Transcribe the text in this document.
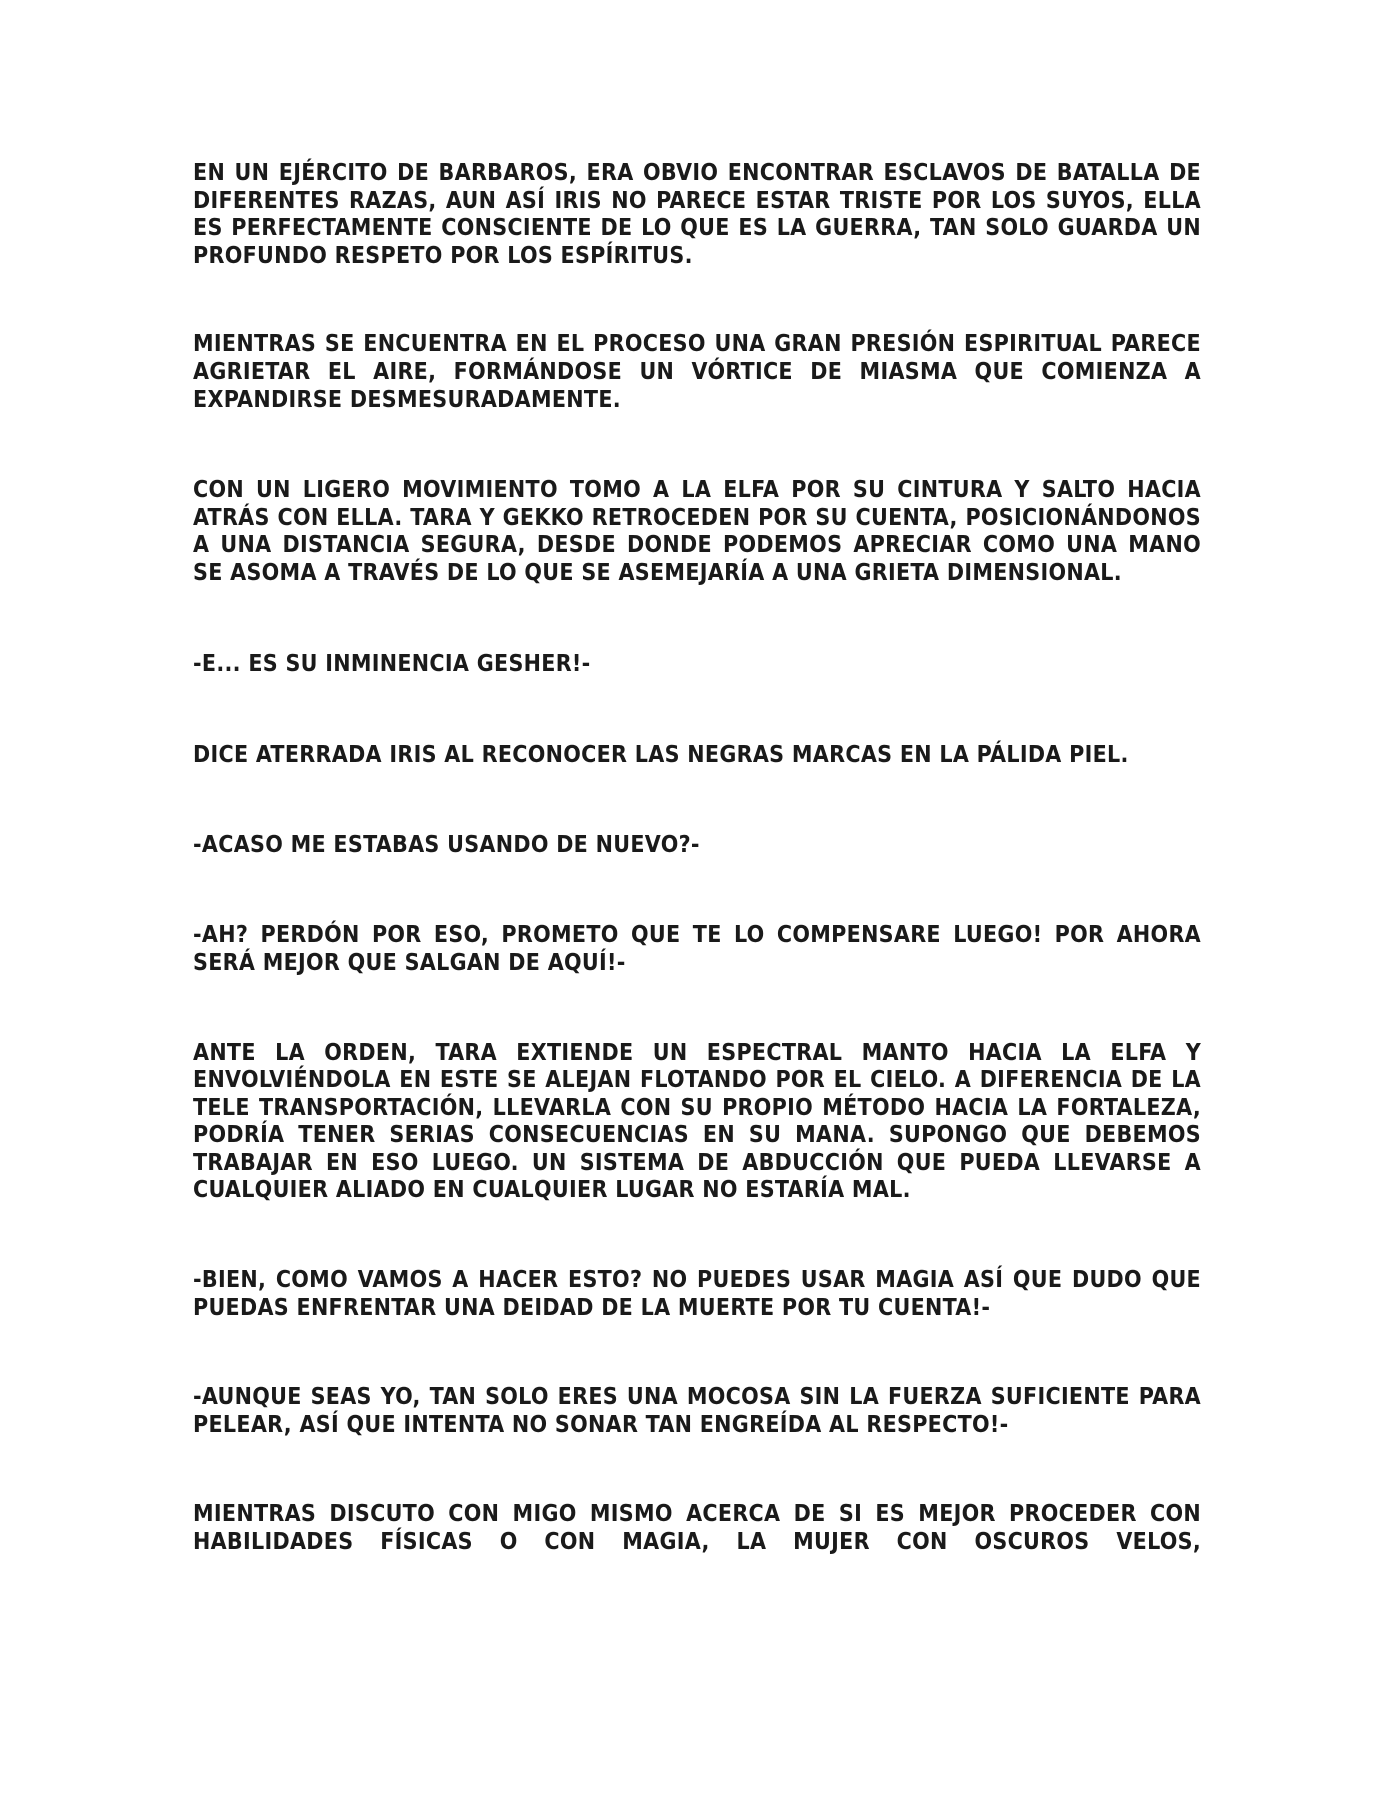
EN UN EJÉRCITO DE BARBAROS, ERA OBVIO ENCONTRAR ESCLAVOS DE BATALLA DE DIFERENTES RAZAS, AUN ASÍ IRIS NO PARECE ESTAR TRISTE POR LOS SUYOS, ELLA ES PERFECTAMENTE CONSCIENTE DE LO QUE ES LA GUERRA, TAN SOLO GUARDA UN PROFUNDO RESPETO POR LOS ESPÍRITUS.

MIENTRAS SE ENCUENTRA EN EL PROCESO UNA GRAN PRESIÓN ESPIRITUAL PARECE AGRIETAR EL AIRE, FORMÁNDOSE UN VÓRTICE DE MIASMA QUE COMIENZA A EXPANDIRSE DESMESURADAMENTE.

CON UN LIGERO MOVIMIENTO TOMO A LA ELFA POR SU CINTURA Y SALTO HACIA ATRÁS CON ELLA. TARA Y GEKKO RETROCEDEN POR SU CUENTA, POSICIONÁNDONOS A UNA DISTANCIA SEGURA, DESDE DONDE PODEMOS APRECIAR COMO UNA MANO SE ASOMA A TRAVÉS DE LO QUE SE ASEMEJARÍA A UNA GRIETA DIMENSIONAL.

-E... ES SU INMINENCIA GESHER!-

DICE ATERRADA IRIS AL RECONOCER LAS NEGRAS MARCAS EN LA PÁLIDA PIEL.

-ACASO ME ESTABAS USANDO DE NUEVO?-

-AH? PERDÓN POR ESO, PROMETO QUE TE LO COMPENSARE LUEGO! POR AHORA SERÁ MEJOR QUE SALGAN DE AQUÍ!-

ANTE LA ORDEN, TARA EXTIENDE UN ESPECTRAL MANTO HACIA LA ELFA Y ENVOLVIÉNDOLA EN ESTE SE ALEJAN FLOTANDO POR EL CIELO. A DIFERENCIA DE LA TELE TRANSPORTACIÓN, LLEVARLA CON SU PROPIO MÉTODO HACIA LA FORTALEZA, PODRÍA TENER SERIAS CONSECUENCIAS EN SU MANA. SUPONGO QUE DEBEMOS TRABAJAR EN ESO LUEGO. UN SISTEMA DE ABDUCCIÓN QUE PUEDA LLEVARSE A CUALQUIER ALIADO EN CUALQUIER LUGAR NO ESTARÍA MAL.

-BIEN, COMO VAMOS A HACER ESTO? NO PUEDES USAR MAGIA ASÍ QUE DUDO QUE PUEDAS ENFRENTAR UNA DEIDAD DE LA MUERTE POR TU CUENTA!-

-AUNQUE SEAS YO, TAN SOLO ERES UNA MOCOSA SIN LA FUERZA SUFICIENTE PARA PELEAR, ASÍ QUE INTENTA NO SONAR TAN ENGREÍDA AL RESPECTO!-

MIENTRAS DISCUTO CON MIGO MISMO ACERCA DE SI ES MEJOR PROCEDER CON HABILIDADES FÍSICAS O CON MAGIA, LA MUJER CON OSCUROS VELOS,
